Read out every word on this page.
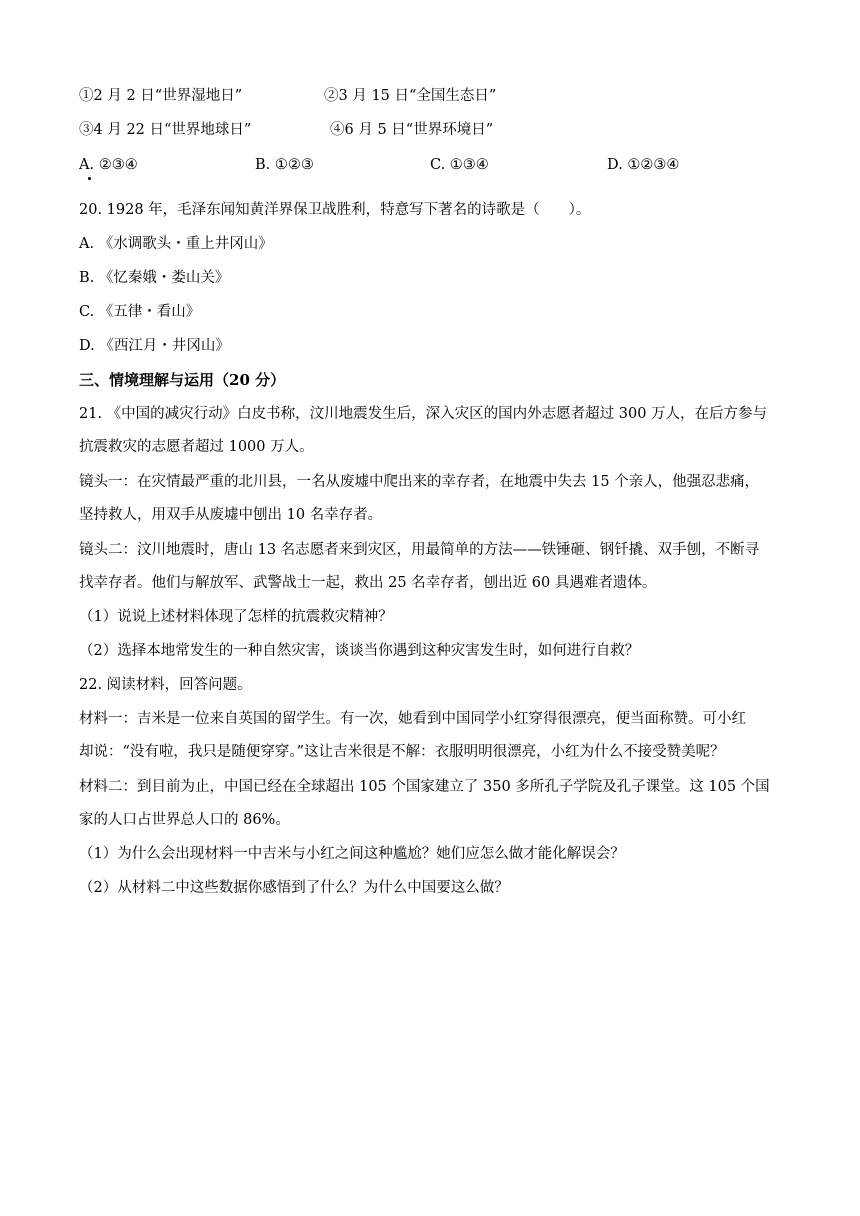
①2 月 2 日“世界湿地日”	②3 月 15 日“全国生态日”
③4 月 22 日“世界地球日”	④6 月 5 日“世界环境日”
A. ②③④	B. ①②③	C. ①③④	D. ①②③④
20. 1928 年，毛泽东闻知黄洋界保卫战胜利，特意写下著名的诗歌是（　　）。
A. 《水调歌头・重上井冈山》
B. 《忆秦娥・娄山关》
C. 《五律・看山》
D. 《西江月・井冈山》
三、情境理解与运用（20 分）
21. 《中国的减灾行动》白皮书称，汶川地震发生后，深入灾区的国内外志愿者超过 300 万人，在后方参与
抗震救灾的志愿者超过 1000 万人。
镜头一：在灾情最严重的北川县，一名从废墟中爬出来的幸存者，在地震中失去 15 个亲人，他强忍悲痛，
坚持救人，用双手从废墟中刨出 10 名幸存者。
镜头二：汶川地震时，唐山 13 名志愿者来到灾区，用最简单的方法——铁锤砸、钢钎撬、双手刨，不断寻
找幸存者。他们与解放军、武警战士一起，救出 25 名幸存者，刨出近 60 具遇难者遗体。
（1）说说上述材料体现了怎样的抗震救灾精神？
（2）选择本地常发生的一种自然灾害，谈谈当你遇到这种灾害发生时，如何进行自救？
22. 阅读材料，回答问题。
材料一：吉米是一位来自英国的留学生。有一次，她看到中国同学小红穿得很漂亮，便当面称赞。可小红
却说：“没有啦，我只是随便穿穿。”这让吉米很是不解：衣服明明很漂亮，小红为什么不接受赞美呢？
材料二：到目前为止，中国已经在全球超出 105 个国家建立了 350 多所孔子学院及孔子课堂。这 105 个国
家的人口占世界总人口的 86%。
（1）为什么会出现材料一中吉米与小红之间这种尴尬？她们应怎么做才能化解误会？
（2）从材料二中这些数据你感悟到了什么？为什么中国要这么做？
